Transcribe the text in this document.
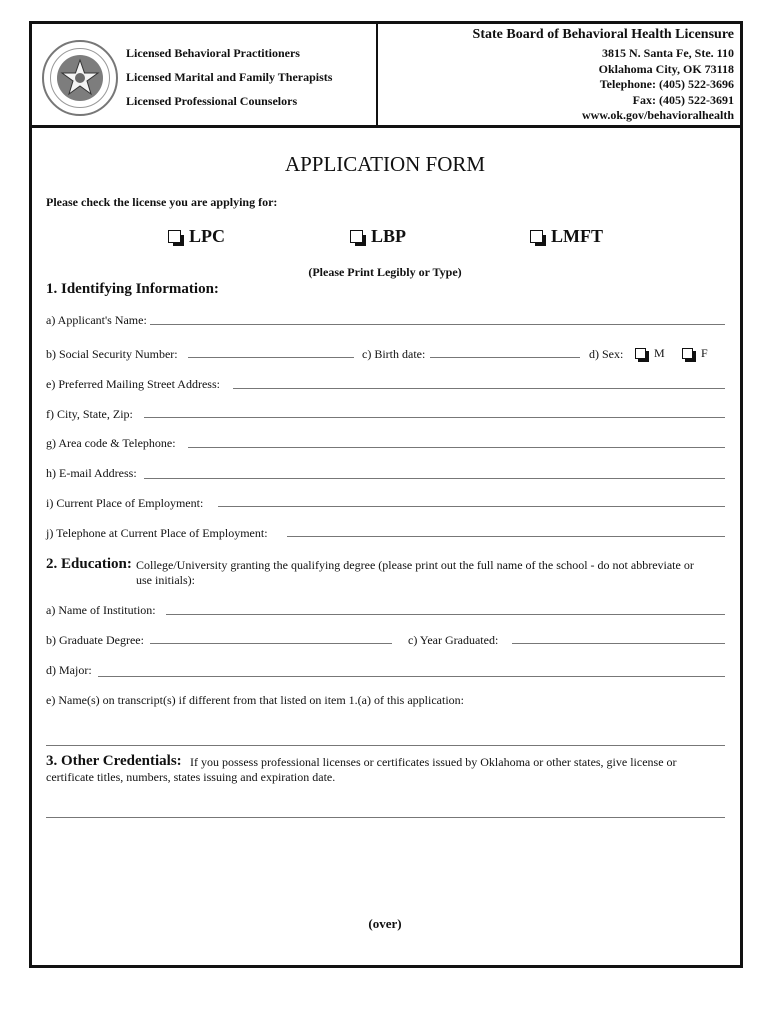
Licensed Behavioral Practitioners
Licensed Marital and Family Therapists
Licensed Professional Counselors
State Board of Behavioral Health Licensure
3815 N. Santa Fe, Ste. 110
Oklahoma City, OK 73118
Telephone: (405) 522-3696
Fax: (405) 522-3691
www.ok.gov/behavioralhealth
APPLICATION FORM
Please check the license you are applying for:
LPC	LBP	LMFT
(Please Print Legibly or Type)
1. Identifying Information:
a) Applicant's Name:
b) Social Security Number:	c) Birth date:	d) Sex:	M	F
e) Preferred Mailing Street Address:
f) City, State, Zip:
g) Area code & Telephone:
h) E-mail Address:
i) Current Place of Employment:
j) Telephone at Current Place of Employment:
2. Education: College/University granting the qualifying degree (please print out the full name of the school - do not abbreviate or
use initials):
a) Name of Institution:
b) Graduate Degree:	c) Year Graduated:
d) Major:
e) Name(s) on transcript(s) if different from that listed on item 1.(a) of this application:
3. Other Credentials: If you possess professional licenses or certificates issued by Oklahoma or other states, give license or
certificate titles, numbers, states issuing and expiration date.
(over)
